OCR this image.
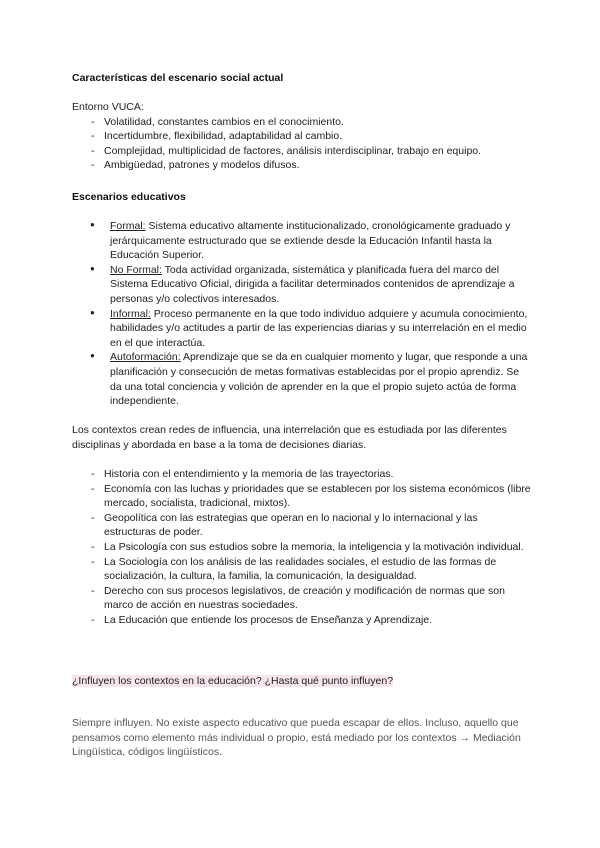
Características del escenario social actual
Entorno VUCA:
- Volatilidad, constantes cambios en el conocimiento.
- Incertidumbre, flexibilidad, adaptabilidad al cambio.
- Complejidad, multiplicidad de factores, análisis interdisciplinar, trabajo en equipo.
- Ambigüedad, patrones y modelos difusos.
Escenarios educativos
● Formal: Sistema educativo altamente institucionalizado, cronológicamente graduado y jerárquicamente estructurado que se extiende desde la Educación Infantil hasta la Educación Superior.
● No Formal: Toda actividad organizada, sistemática y planificada fuera del marco del Sistema Educativo Oficial, dirigida a facilitar determinados contenidos de aprendizaje a personas y/o colectivos interesados.
● Informal: Proceso permanente en la que todo individuo adquiere y acumula conocimiento, habilidades y/o actitudes a partir de las experiencias diarias y su interrelación en el medio en el que interactúa.
● Autoformación: Aprendizaje que se da en cualquier momento y lugar, que responde a una planificación y consecución de metas formativas establecidas por el propio aprendiz. Se da una total conciencia y volición de aprender en la que el propio sujeto actúa de forma independiente.
Los contextos crean redes de influencia, una interrelación que es estudiada por las diferentes disciplinas y abordada en base a la toma de decisiones diarias.
- Historia con el entendimiento y la memoria de las trayectorias.
- Economía con las luchas y prioridades que se establecen por los sistema económicos (libre mercado, socialista, tradicional, mixtos).
- Geopolítica con las estrategias que operan en lo nacional y lo internacional y las estructuras de poder.
- La Psicología con sus estudios sobre la memoria, la inteligencia y la motivación individual.
- La Sociología con los análisis de las realidades sociales, el estudio de las formas de socialización, la cultura, la familia, la comunicación, la desigualdad.
- Derecho con sus procesos legislativos, de creación y modificación de normas que son marco de acción en nuestras sociedades.
- La Educación que entiende los procesos de Enseñanza y Aprendizaje.
¿Influyen los contextos en la educación? ¿Hasta qué punto influyen?
Siempre influyen. No existe aspecto educativo que pueda escapar de ellos. Incluso, aquello que pensamos como elemento más individual o propio, está mediado por los contextos → Mediación Lingüística, códigos lingüísticos.
